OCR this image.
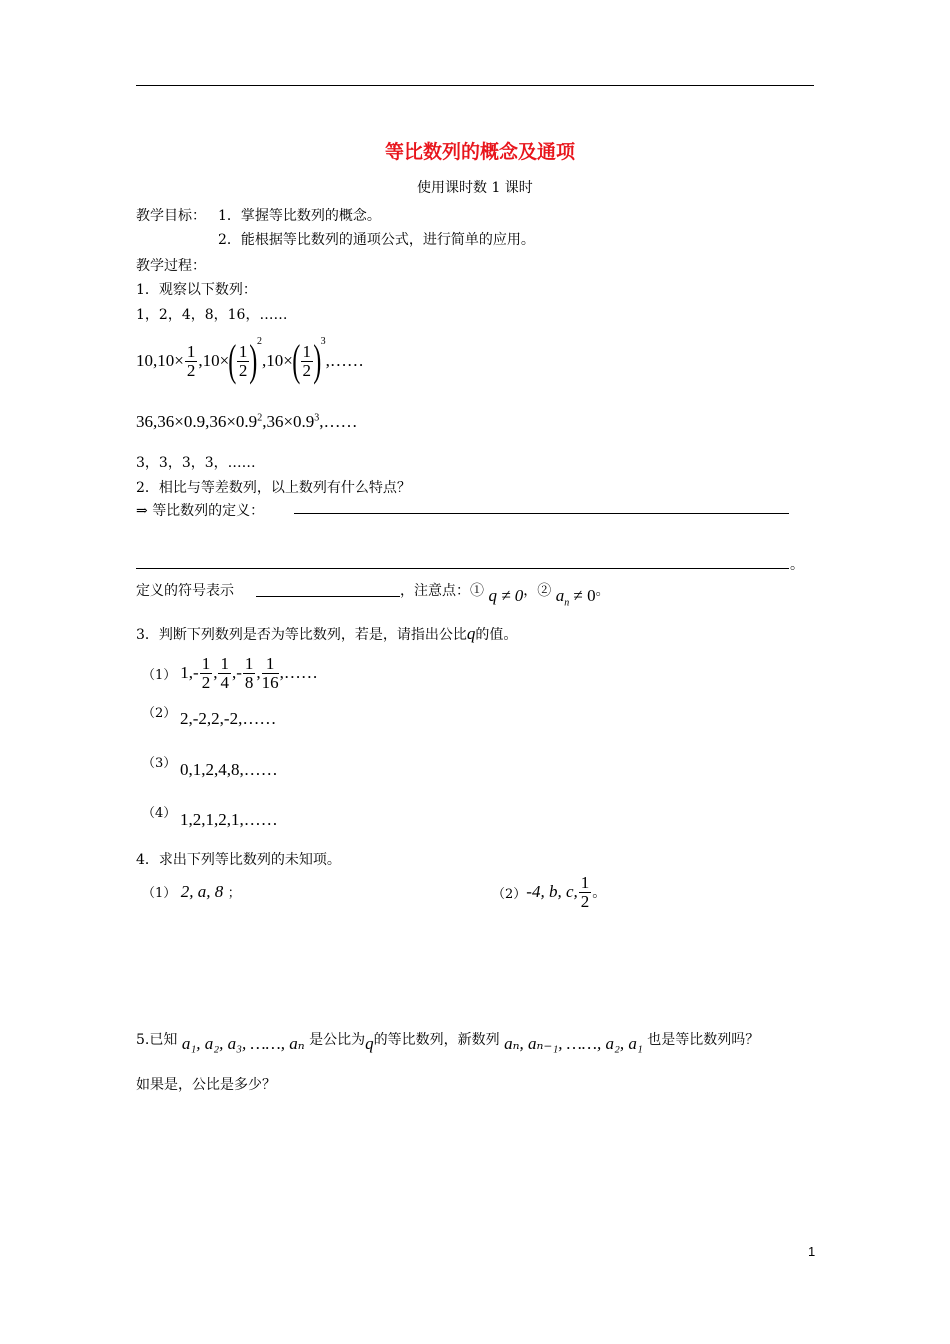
等比数列的概念及通项
使用课时数 1 课时
教学目标： 1．掌握等比数列的概念。
2．能根据等比数列的通项公式，进行简单的应用。
教学过程：
1．观察以下数列：
1，2，4，8，16，……
$10,10 \times \frac{1}{2} ,10$ × ( $\frac{1}{2} )^2$
,10 × ( $\frac{1}{2} )^3$
,……
$36,36\times 0.9,36\times 0.9^2,36\times 0.9^3,\dots\dots$
3，3，3，3，……
2．相比与等差数列，以上数列有什么特点？
⇒ 等比数列的定义：
。
定义的符号表示	，注意点：① q ≠ 0，② $a_n \ne 0$。
3．判断下列数列是否为等比数列，若是，请指出公比q的值。
（1） $1,- \frac{1}{2}$ , $\frac{1}{4}$ ,- $\frac{1}{8}$ , $\frac{1}{16}$ ,……
（2） 2,-2,2,-2,……
（3） 0,1,2,4,8,……
（4） 1,2,1,2,1,……
4．求出下列等比数列的未知项。
（1） 2, a, 8 ；	（2） -4, b, c, $\frac{1}{2}$ 。
5.已知 a₁, a₂, a₃, ……, aₙ 是公比为q的等比数列，新数列 aₙ, aₙ₋₁, ……, a₂, a₁ 也是等比数列吗？
如果是，公比是多少？
1
